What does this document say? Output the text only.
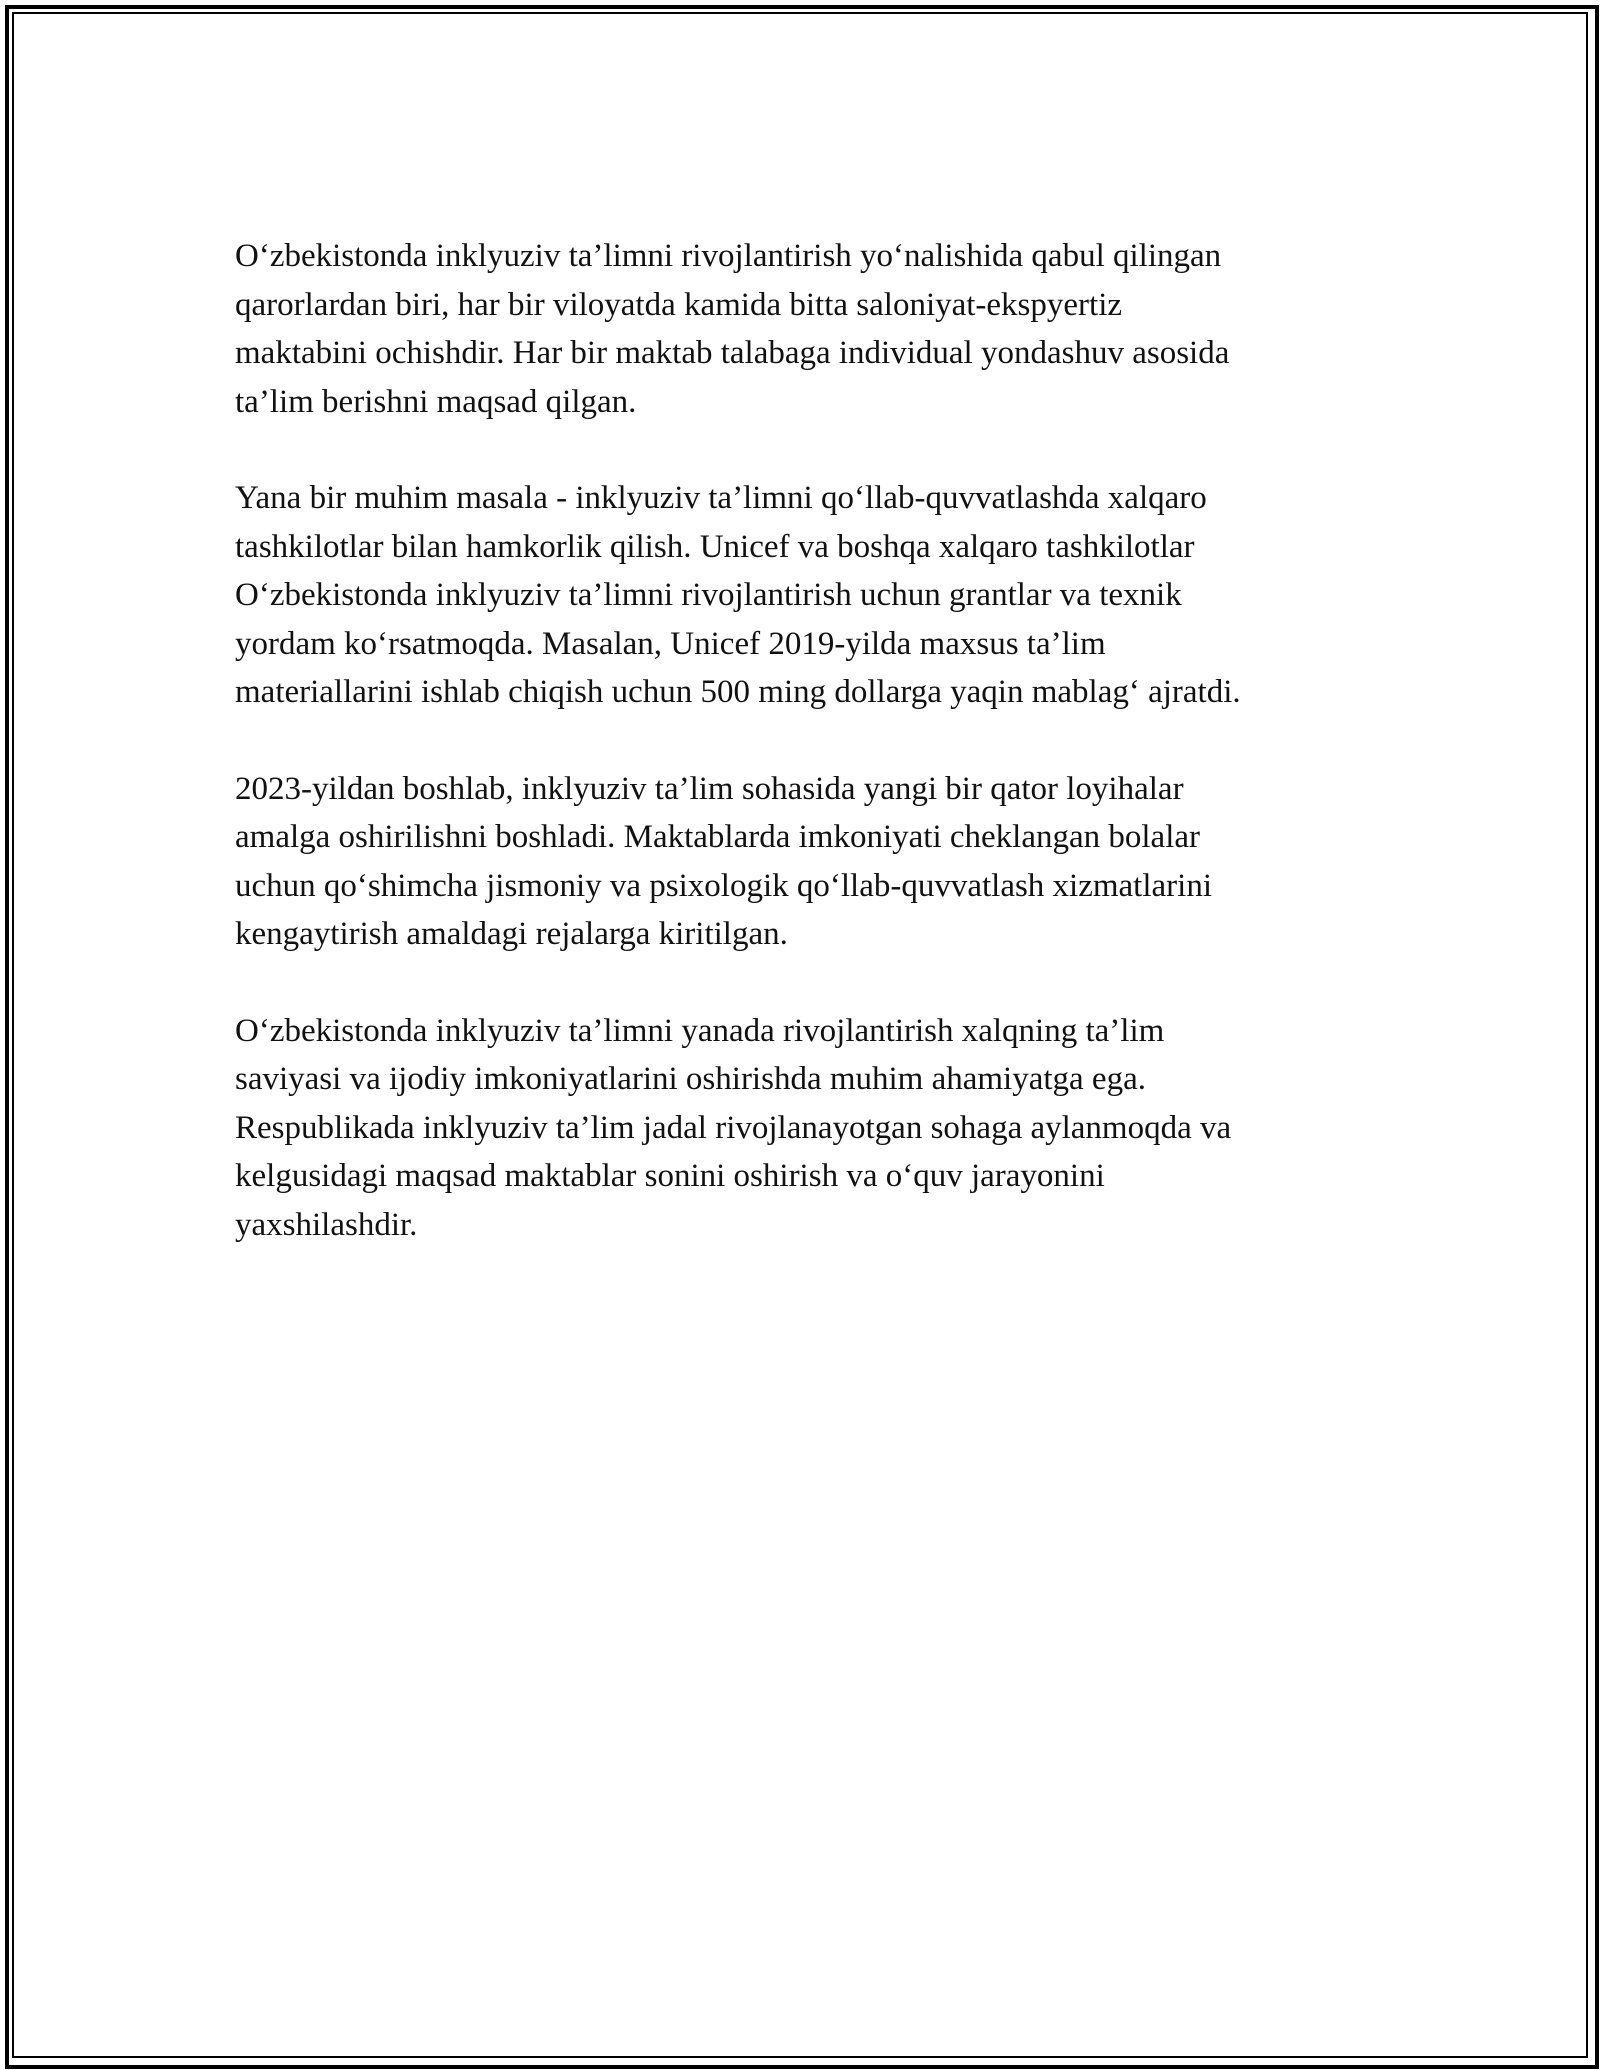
O‘zbekistonda inklyuziv ta’limni rivojlantirish yo‘nalishida qabul qilingan
qarorlardan biri, har bir viloyatda kamida bitta saloniyat-ekspyertiz
maktabini ochishdir. Har bir maktab talabaga individual yondashuv asosida
ta’lim berishni maqsad qilgan.

Yana bir muhim masala - inklyuziv ta’limni qo‘llab-quvvatlashda xalqaro
tashkilotlar bilan hamkorlik qilish. Unicef va boshqa xalqaro tashkilotlar
O‘zbekistonda inklyuziv ta’limni rivojlantirish uchun grantlar va texnik
yordam ko‘rsatmoqda. Masalan, Unicef 2019-yilda maxsus ta’lim
materiallarini ishlab chiqish uchun 500 ming dollarga yaqin mablag‘ ajratdi.

2023-yildan boshlab, inklyuziv ta’lim sohasida yangi bir qator loyihalar
amalga oshirilishni boshladi. Maktablarda imkoniyati cheklangan bolalar
uchun qo‘shimcha jismoniy va psixologik qo‘llab-quvvatlash xizmatlarini
kengaytirish amaldagi rejalarga kiritilgan.

O‘zbekistonda inklyuziv ta’limni yanada rivojlantirish xalqning ta’lim
saviyasi va ijodiy imkoniyatlarini oshirishda muhim ahamiyatga ega.
Respublikada inklyuziv ta’lim jadal rivojlanayotgan sohaga aylanmoqda va
kelgusidagi maqsad maktablar sonini oshirish va o‘quv jarayonini
yaxshilashdir.
